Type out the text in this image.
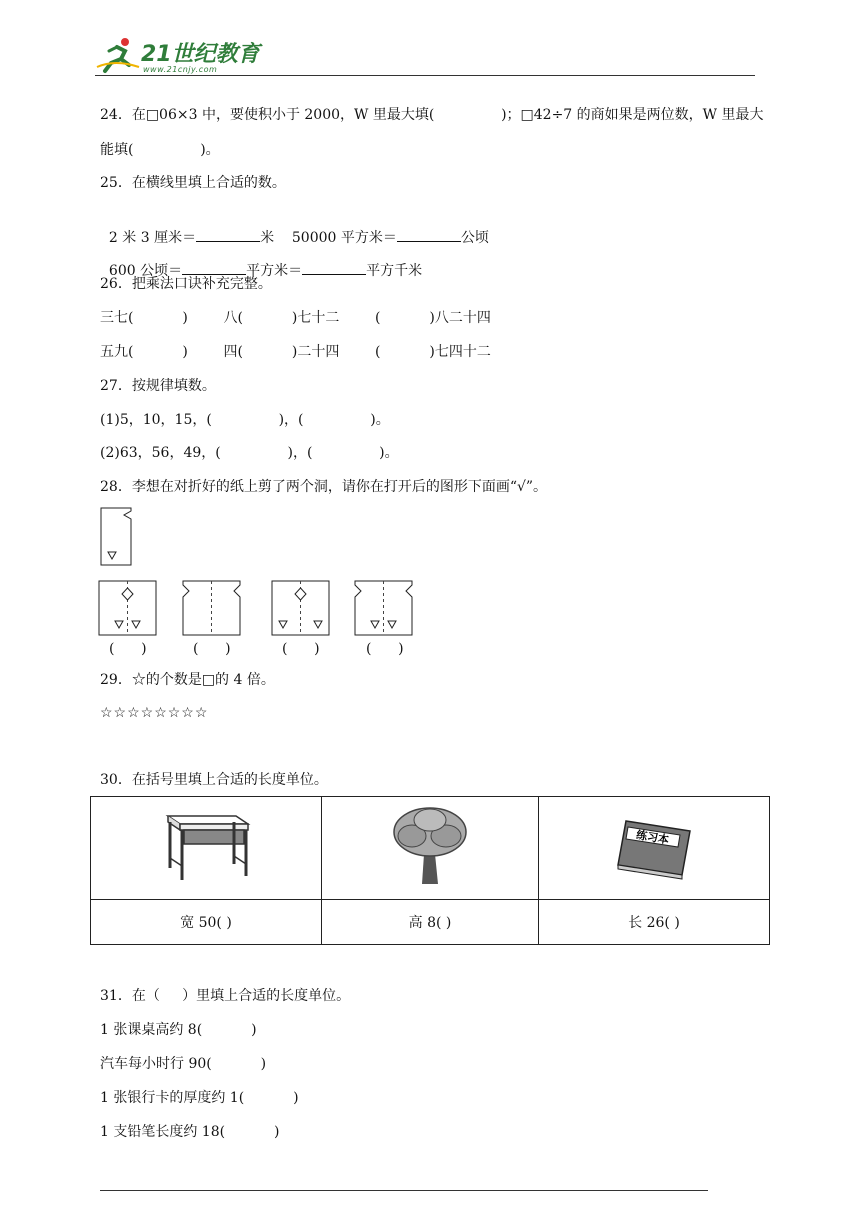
21世纪教育
www.21cnjy.com
24．在□06×3 中，要使积小于 2000，W 里最大填(               )；□42÷7 的商如果是两位数，W 里最大
能填(               )。
25．在横线里填上合适的数。

2 米 3 厘米＝	米    50000 平方米＝	公顷

600 公顷＝	平方米＝	平方千米

26．把乘法口诀补充完整。
三七(           )        八(           )七十二        (           )八二十四
五九(           )        四(           )二十四        (           )七四十二
27．按规律填数。
(1)5，10，15，(               )，(               )。
(2)63，56，49，(               )，(               )。
28．李想在对折好的纸上剪了两个洞，请你在打开后的图形下面画“√”。
(      )	(      )	(      )	(      )
29．☆的个数是□的 4 倍。
☆☆☆☆☆☆☆☆
30．在括号里填上合适的长度单位。

练习本

宽 50( )	高 8( )	长 26( )
31．在（     ）里填上合适的长度单位。
1 张课桌高约 8(           )
汽车每小时行 90(           )
1 张银行卡的厚度约 1(           )
1 支铅笔长度约 18(           )
